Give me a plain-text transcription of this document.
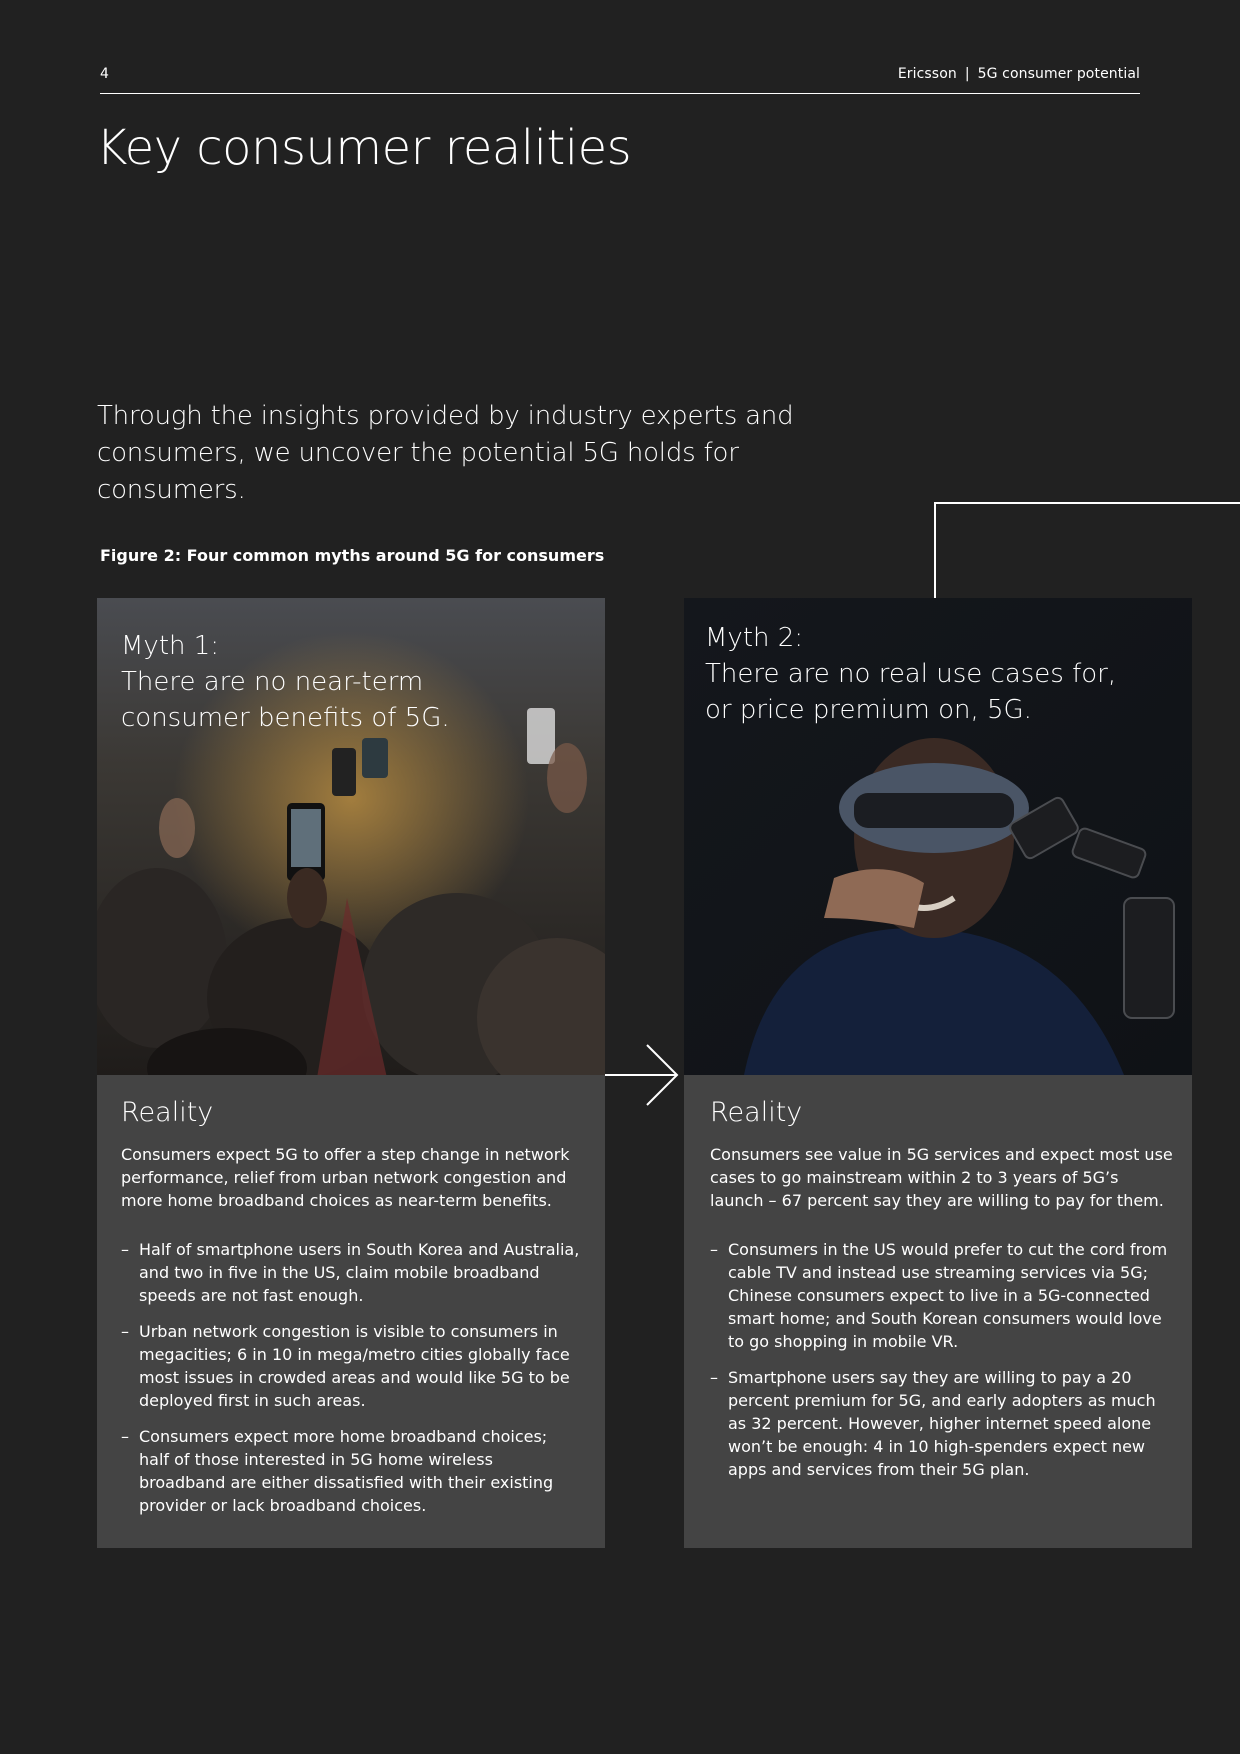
4	Ericsson | 5G consumer potential
Key consumer realities
Through the insights provided by industry experts and consumers, we uncover the potential 5G holds for consumers.
Figure 2: Four common myths around 5G for consumers
Myth 1:
There are no near-term
consumer benefits of 5G.
Reality

Consumers expect 5G to offer a step change in network performance, relief from urban network congestion and more home broadband choices as near-term benefits.

– Half of smartphone users in South Korea and Australia, and two in five in the US, claim mobile broadband speeds are not fast enough.
– Urban network congestion is visible to consumers in megacities; 6 in 10 in mega/metro cities globally face most issues in crowded areas and would like 5G to be deployed first in such areas.
– Consumers expect more home broadband choices; half of those interested in 5G home wireless broadband are either dissatisfied with their existing provider or lack broadband choices.
Myth 2:
There are no real use cases for,
or price premium on, 5G.
Reality

Consumers see value in 5G services and expect most use cases to go mainstream within 2 to 3 years of 5G’s launch – 67 percent say they are willing to pay for them.

– Consumers in the US would prefer to cut the cord from cable TV and instead use streaming services via 5G; Chinese consumers expect to live in a 5G-connected smart home; and South Korean consumers would love to go shopping in mobile VR.
– Smartphone users say they are willing to pay a 20 percent premium for 5G, and early adopters as much as 32 percent. However, higher internet speed alone won’t be enough: 4 in 10 high-spenders expect new apps and services from their 5G plan.
